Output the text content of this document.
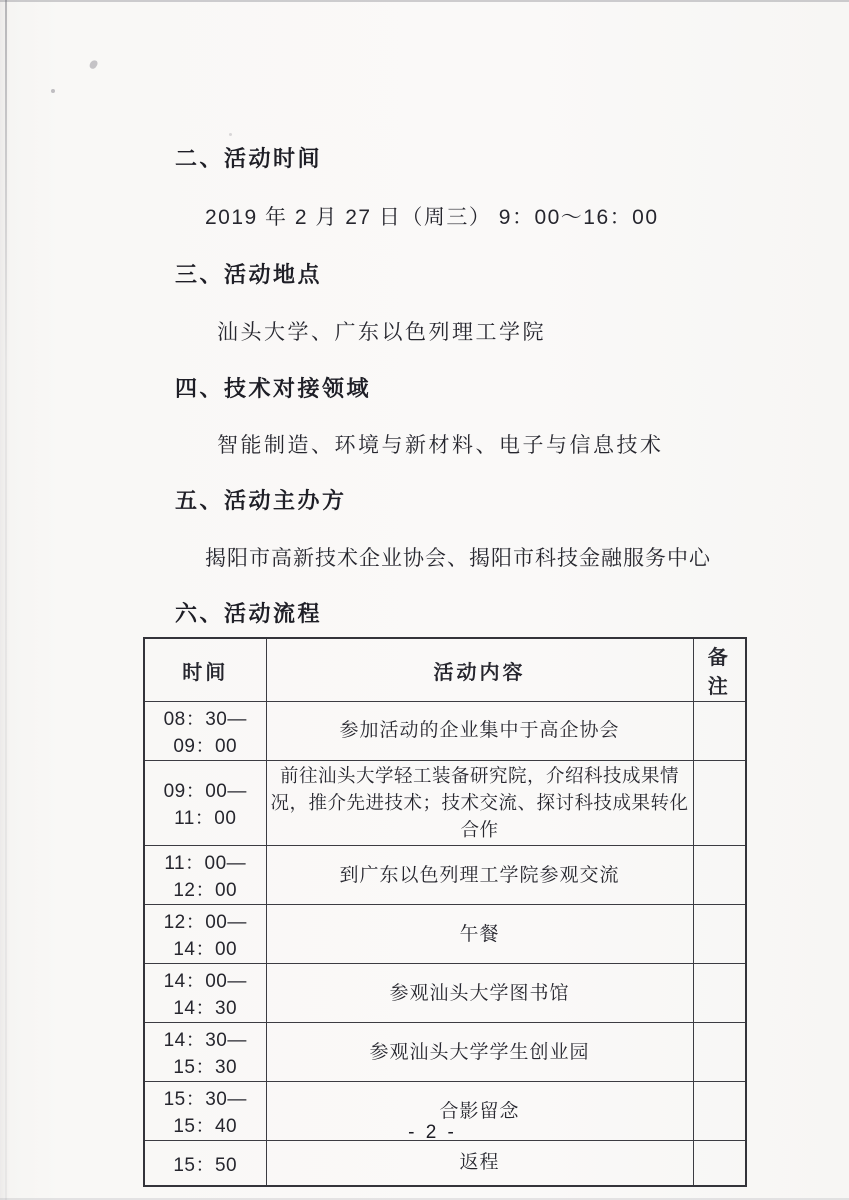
二、活动时间
2019 年 2 月 27 日（周三） 9：00～16：00
三、活动地点
汕头大学、广东以色列理工学院
四、技术对接领域
智能制造、环境与新材料、电子与信息技术
五、活动主办方
揭阳市高新技术企业协会、揭阳市科技金融服务中心
六、活动流程
时间	活动内容	备注
08：30—09：00	参加活动的企业集中于高企协会	
09：00—11：00	前往汕头大学轻工装备研究院，介绍科技成果情况，推介先进技术；技术交流、探讨科技成果转化合作	
11：00—12：00	到广东以色列理工学院参观交流	
12：00—14：00	午餐	
14：00—14：30	参观汕头大学图书馆	
14：30—15：30	参观汕头大学学生创业园	
15：30—15：40	合影留念	
15：50	返程	
- 2 -
